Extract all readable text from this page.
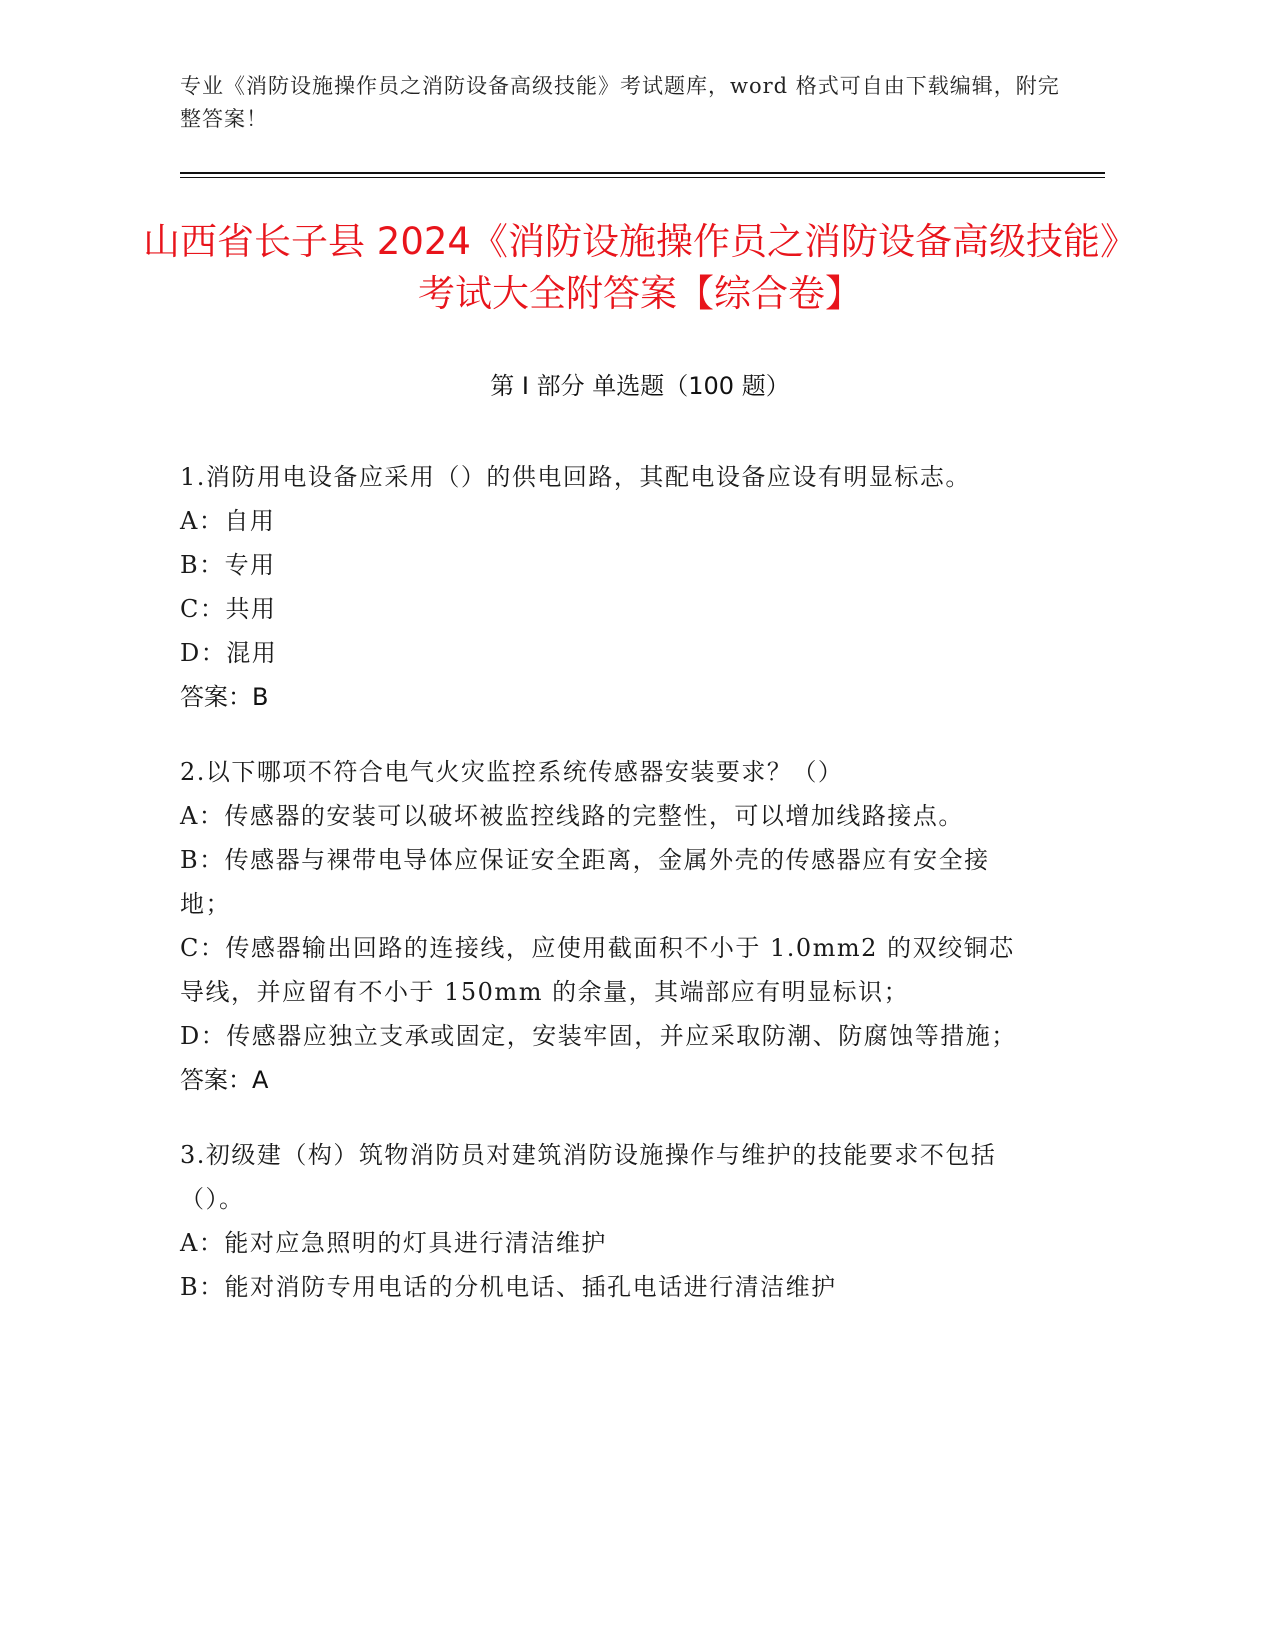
专业《消防设施操作员之消防设备高级技能》考试题库，word 格式可自由下载编辑，附完整答案！
山西省长子县 2024《消防设施操作员之消防设备高级技能》考试大全附答案【综合卷】
第 I 部分 单选题（100 题）

1.消防用电设备应采用（）的供电回路，其配电设备应设有明显标志。

A：自用

B：专用

C：共用

D：混用

答案：B

2.以下哪项不符合电气火灾监控系统传感器安装要求？（）

A：传感器的安装可以破坏被监控线路的完整性，可以增加线路接点。

B：传感器与裸带电导体应保证安全距离，金属外壳的传感器应有安全接地；

C：传感器输出回路的连接线，应使用截面积不小于 1.0mm2 的双绞铜芯导线，并应留有不小于 150mm 的余量，其端部应有明显标识；

D：传感器应独立支承或固定，安装牢固，并应采取防潮、防腐蚀等措施；

答案：A

3.初级建（构）筑物消防员对建筑消防设施操作与维护的技能要求不包括（）。

A：能对应急照明的灯具进行清洁维护

B：能对消防专用电话的分机电话、插孔电话进行清洁维护
